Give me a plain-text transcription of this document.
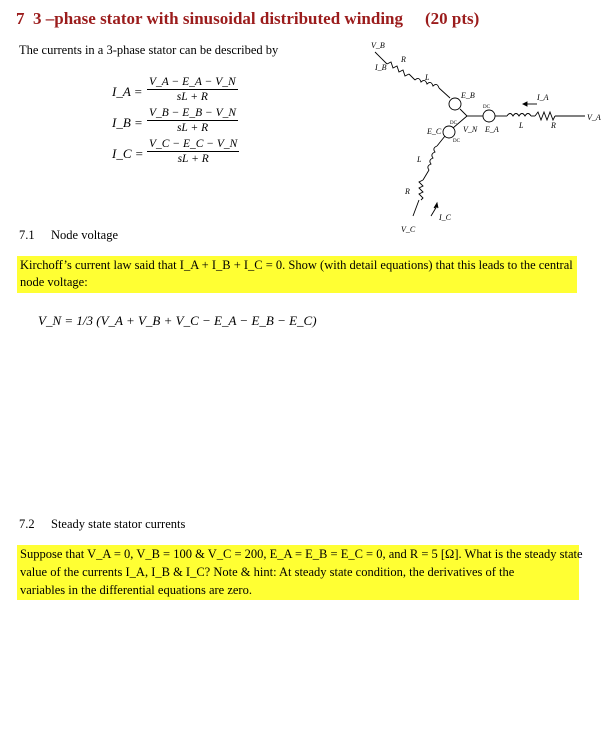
7 3 –phase stator with sinusoidal distributed winding (20 pts)
The currents in a 3-phase stator can be described by
I_A = $\frac{V\_A - E\_A - V\_N}{sL + R}$
I_B = $\frac{V\_B - E\_B - V\_N}{sL + R}$
I_C = $\frac{V\_C - E\_C - V\_N}{sL + R}$
V_B
I_B
R
L
E_B
DC
I_A
V_A
R
L
E_A
V_N
DC
E_C
DC
L
R
I_C
V_C
7.1 Node voltage
Kirchoff’s current law said that I_A + I_B + I_C = 0. Show (with detail equations) that this leads to the central
node voltage:
V_N = 1/3 (V_A + V_B + V_C − E_A − E_B − E_C)
7.2 Steady state stator currents
Suppose that V_A = 0, V_B = 100 & V_C = 200, E_A = E_B = E_C = 0, and R = 5 [Ω]. What is the steady state
value of the currents I_A, I_B & I_C? Note & hint: At steady state condition, the derivatives of the
variables in the differential equations are zero.
